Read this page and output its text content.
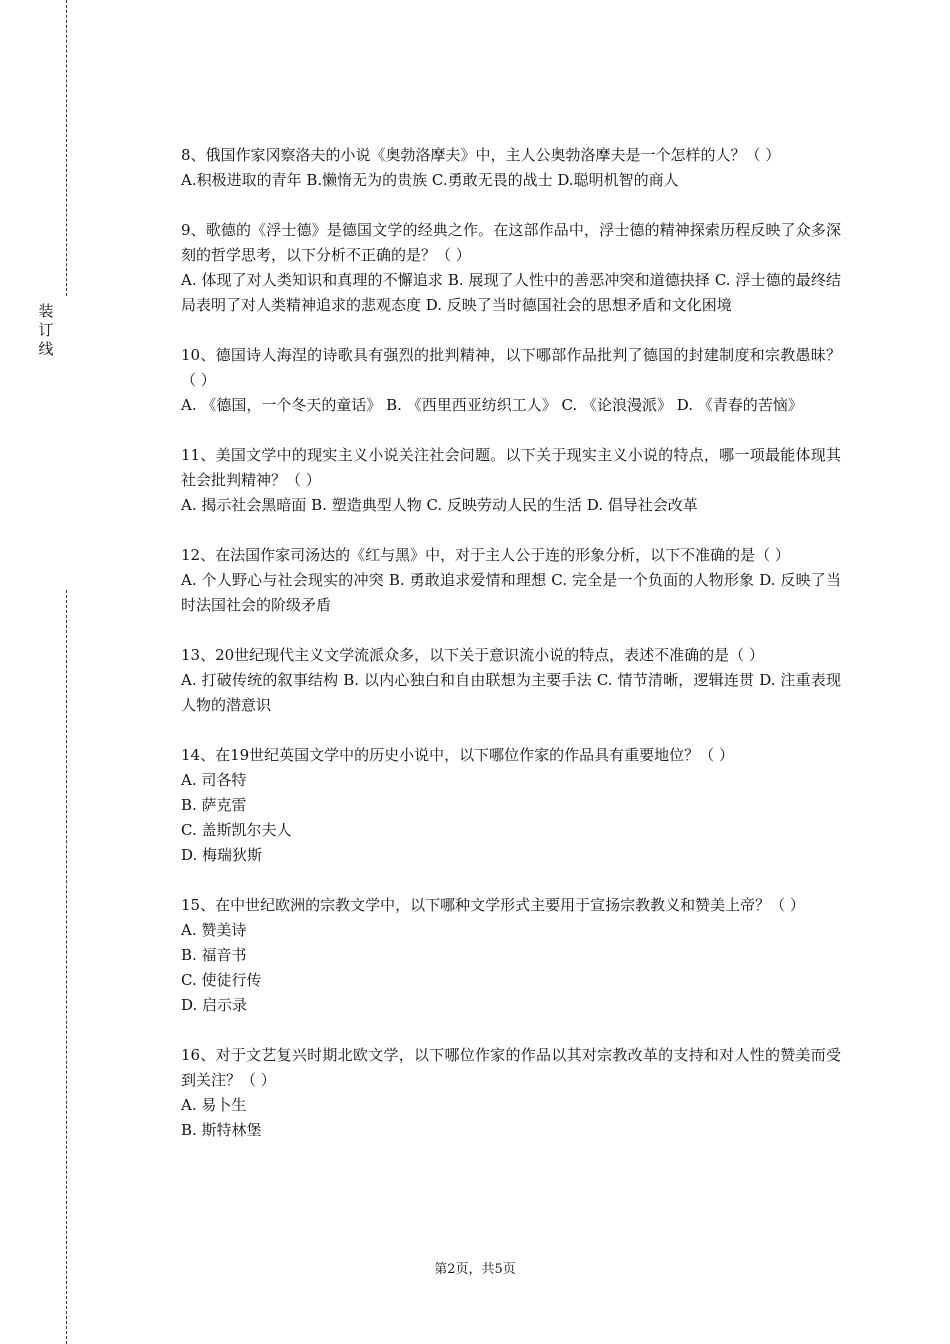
装
订
线

8、俄国作家冈察洛夫的小说《奥勃洛摩夫》中，主人公奥勃洛摩夫是一个怎样的人？（ ）

A.积极进取的青年 B.懒惰无为的贵族 C.勇敢无畏的战士 D.聪明机智的商人

9、歌德的《浮士德》是德国文学的经典之作。在这部作品中，浮士德的精神探索历程反映了众多深刻的哲学思考，以下分析不正确的是？（ ）

A. 体现了对人类知识和真理的不懈追求 B. 展现了人性中的善恶冲突和道德抉择 C. 浮士德的最终结局表明了对人类精神追求的悲观态度 D. 反映了当时德国社会的思想矛盾和文化困境

10、德国诗人海涅的诗歌具有强烈的批判精神，以下哪部作品批判了德国的封建制度和宗教愚昧？（ ）

A. 《德国，一个冬天的童话》 B. 《西里西亚纺织工人》 C. 《论浪漫派》 D. 《青春的苦恼》

11、美国文学中的现实主义小说关注社会问题。以下关于现实主义小说的特点，哪一项最能体现其社会批判精神？（ ）

A. 揭示社会黑暗面 B. 塑造典型人物 C. 反映劳动人民的生活 D. 倡导社会改革

12、在法国作家司汤达的《红与黑》中，对于主人公于连的形象分析，以下不准确的是（ ）

A. 个人野心与社会现实的冲突 B. 勇敢追求爱情和理想 C. 完全是一个负面的人物形象 D. 反映了当时法国社会的阶级矛盾

13、20世纪现代主义文学流派众多，以下关于意识流小说的特点，表述不准确的是（ ）

A. 打破传统的叙事结构 B. 以内心独白和自由联想为主要手法 C. 情节清晰，逻辑连贯 D. 注重表现人物的潜意识

14、在19世纪英国文学中的历史小说中，以下哪位作家的作品具有重要地位？（ ）

A. 司各特
B. 萨克雷
C. 盖斯凯尔夫人
D. 梅瑞狄斯

15、在中世纪欧洲的宗教文学中，以下哪种文学形式主要用于宣扬宗教教义和赞美上帝？（ ）

A. 赞美诗
B. 福音书
C. 使徒行传
D. 启示录

16、对于文艺复兴时期北欧文学，以下哪位作家的作品以其对宗教改革的支持和对人性的赞美而受到关注？（ ）

A. 易卜生
B. 斯特林堡
第2页，共5页
